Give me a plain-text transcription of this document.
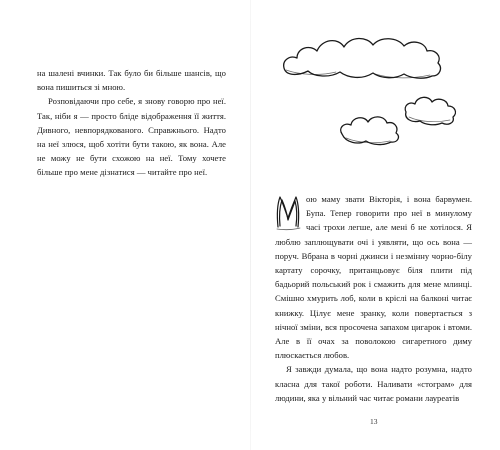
на шалені вчинки. Так було би більше шансів, що вона пишиться зі мною.

Розповідаючи про себе, я знову говорю про неї. Так, ніби я — просто бліде відображення її життя. Дивного, невпорядкованого. Справжнього. Надто на неї злюся, щоб хотіти бути такою, як вона. Але не можу не бути схожою на неї. Тому хочете більше про мене дізнатися — читайте про неї.

ою маму звати Вікторія, і вона барвумен. Бупа. Тепер говорити про неї в минулому часі трохи легше, але мені б не хотілося. Я люблю заплющувати очі і уявляти, що ось вона — поруч. Вбрана в чорні джинси і незмінну чорно-білу картату сорочку, пританцьовує біля плити під бадьорий польський рок і смажить для мене млинці. Смішно хмурить лоб, коли в кріслі на балконі читає книжку. Цілує мене зранку, коли повертається з нічної зміни, вся просочена запахом цигарок і втоми. Але в її очах за поволокою сигаретного диму плюскається любов.

Я завжди думала, що вона надто розумна, надто класна для такої роботи. Наливати «стограм» для людини, яка у вільний час читає романи лауреатів

13
